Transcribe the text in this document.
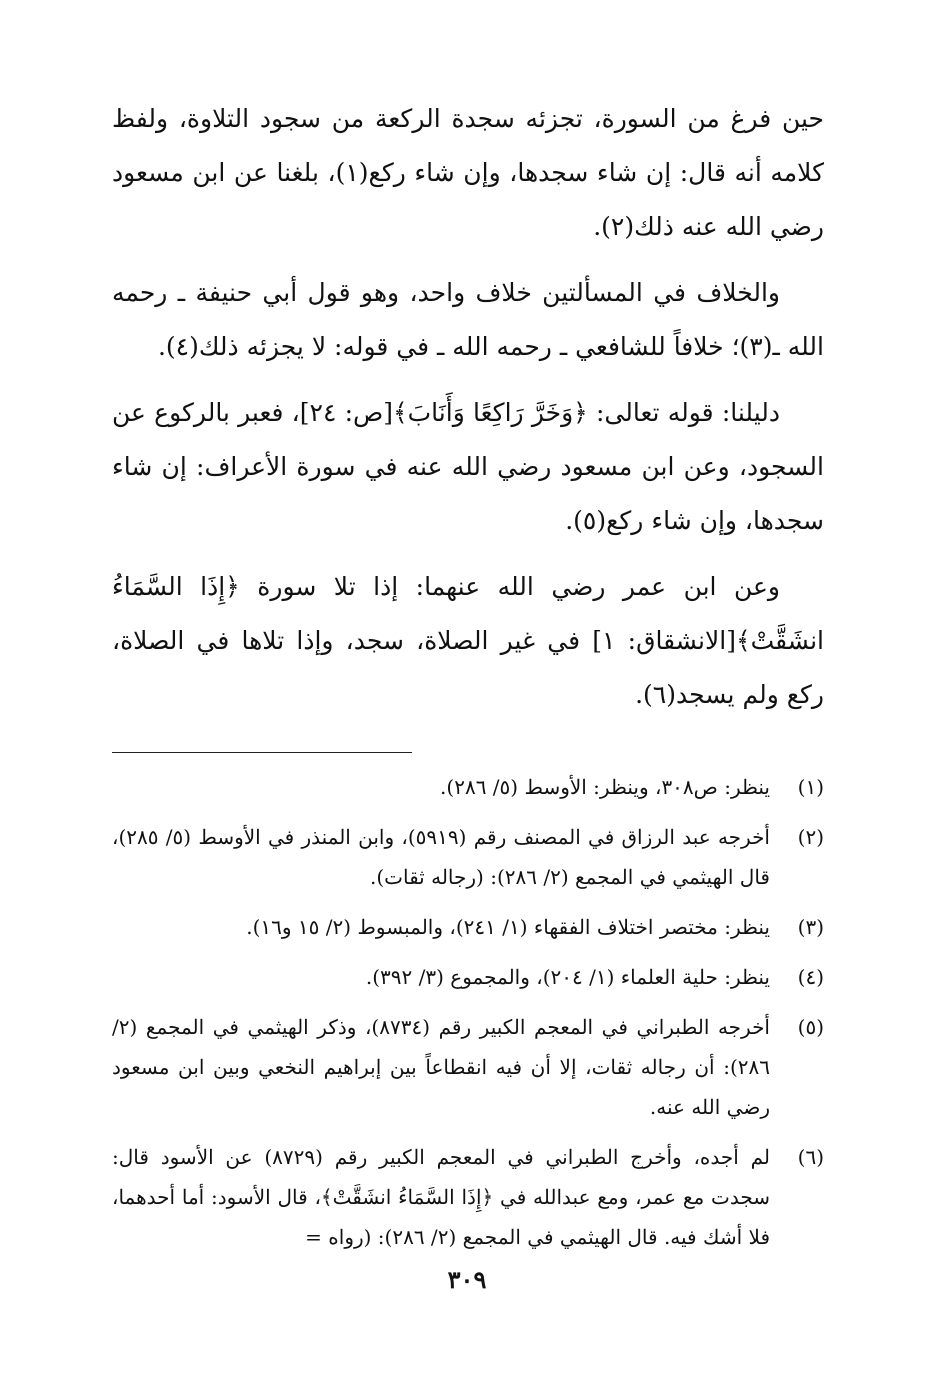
حين فرغ من السورة، تجزئه سجدة الركعة من سجود التلاوة، ولفظ كلامه أنه قال: إن شاء سجدها، وإن شاء ركع(١)، بلغنا عن ابن مسعود رضي الله عنه ذلك(٢).

والخلاف في المسألتين خلاف واحد، وهو قول أبي حنيفة ـ رحمه الله ـ(٣)؛ خلافاً للشافعي ـ رحمه الله ـ في قوله: لا يجزئه ذلك(٤).

دليلنا: قوله تعالى: ﴿وَخَرَّ رَاكِعًا وَأَنَابَ﴾[ص: ٢٤]، فعبر بالركوع عن السجود، وعن ابن مسعود رضي الله عنه في سورة الأعراف: إن شاء سجدها، وإن شاء ركع(٥).

وعن ابن عمر رضي الله عنهما: إذا تلا سورة ﴿إِذَا السَّمَاءُ انشَقَّتْ﴾[الانشقاق: ١] في غير الصلاة، سجد، وإذا تلاها في الصلاة، ركع ولم يسجد(٦).

(١)
ينظر: ص٣٠٨، وينظر: الأوسط (٥/ ٢٨٦).
(٢)
أخرجه عبد الرزاق في المصنف رقم (٥٩١٩)، وابن المنذر في الأوسط (٥/ ٢٨٥)، قال الهيثمي في المجمع (٢/ ٢٨٦): (رجاله ثقات).
(٣)
ينظر: مختصر اختلاف الفقهاء (١/ ٢٤١)، والمبسوط (٢/ ١٥ و١٦).
(٤)
ينظر: حلية العلماء (١/ ٢٠٤)، والمجموع (٣/ ٣٩٢).
(٥)
أخرجه الطبراني في المعجم الكبير رقم (٨٧٣٤)، وذكر الهيثمي في المجمع (٢/ ٢٨٦): أن رجاله ثقات، إلا أن فيه انقطاعاً بين إبراهيم النخعي وبين ابن مسعود رضي الله عنه.
(٦)
لم أجده، وأخرج الطبراني في المعجم الكبير رقم (٨٧٢٩) عن الأسود قال: سجدت مع عمر، ومع عبدالله في ﴿إِذَا السَّمَاءُ انشَقَّتْ﴾، قال الأسود: أما أحدهما، فلا أشك فيه. قال الهيثمي في المجمع (٢/ ٢٨٦): (رواه =
٣٠٩
